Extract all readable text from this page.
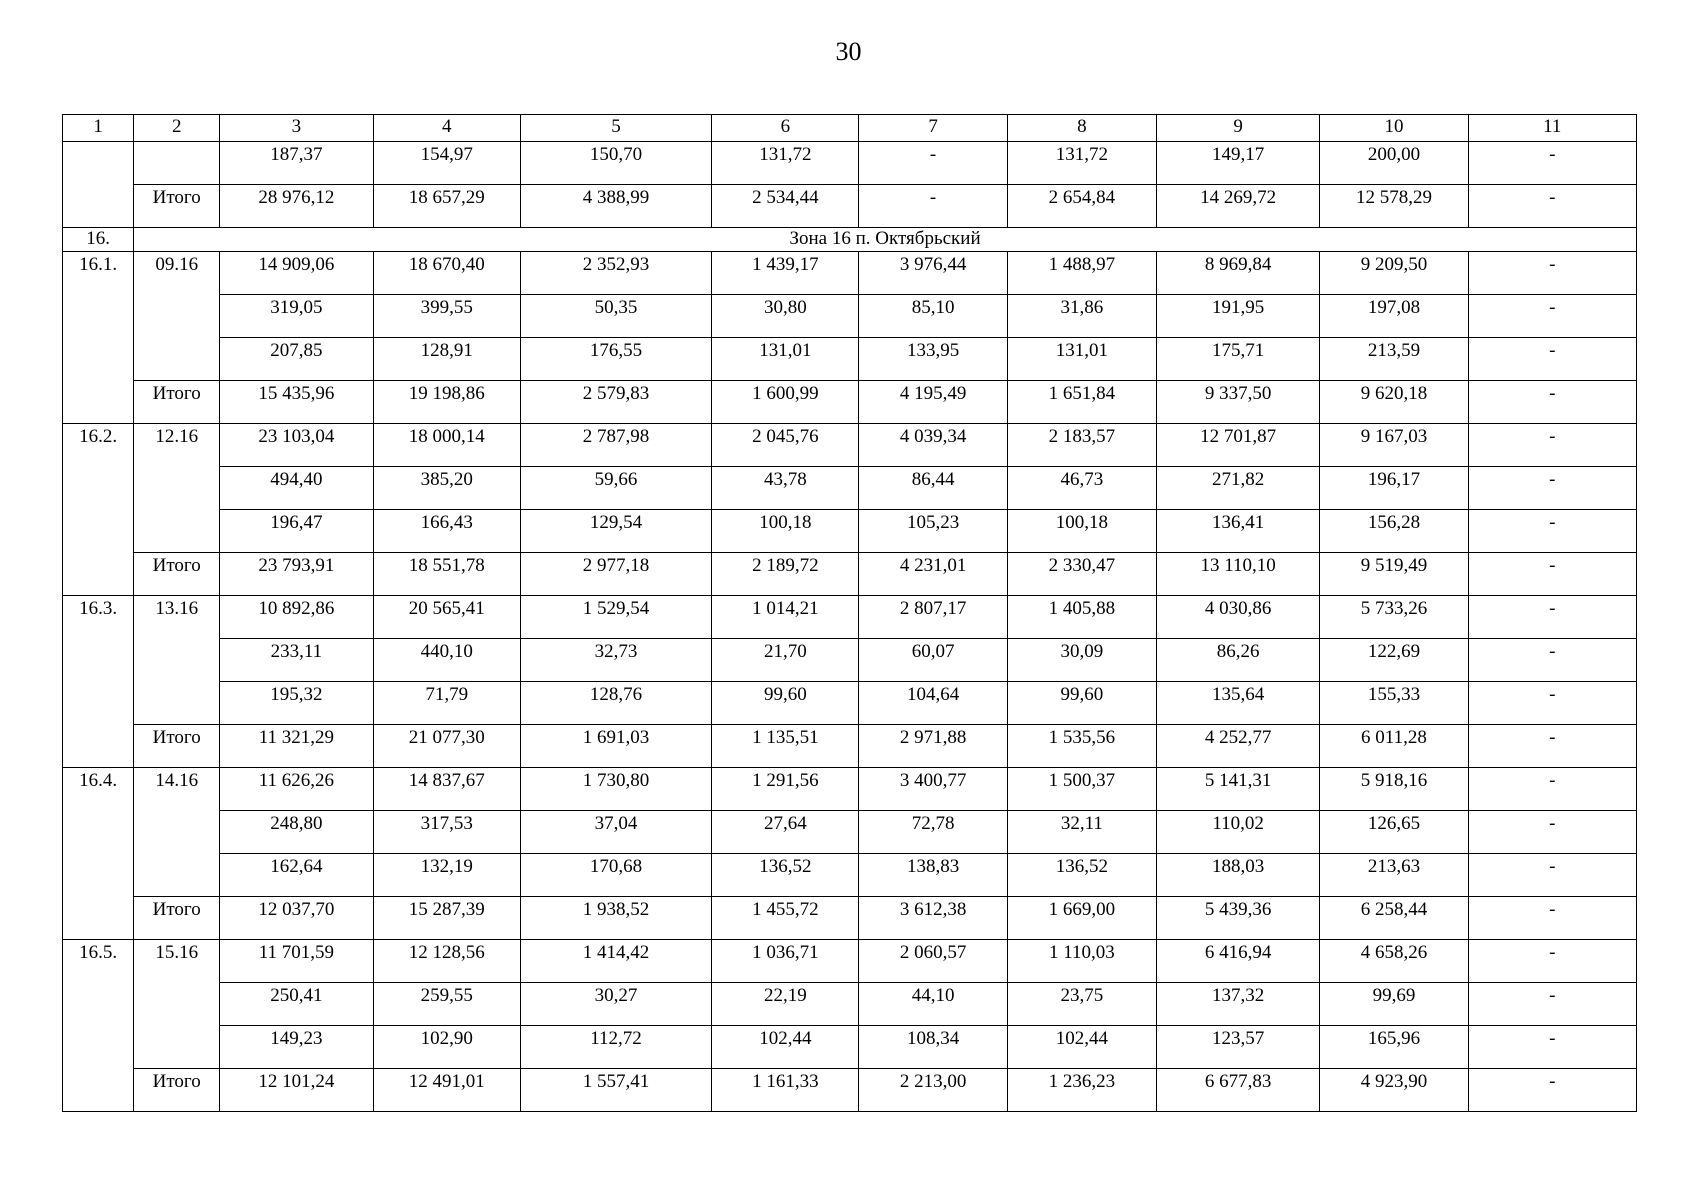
30
1	2	3	4	5	6	7	8	9	10	11
		187,37	154,97	150,70	131,72	-	131,72	149,17	200,00	-
	Итого	28 976,12	18 657,29	4 388,99	2 534,44	-	2 654,84	14 269,72	12 578,29	-
16.	Зона 16 п. Октябрьский									
16.1.	09.16	14 909,06	18 670,40	2 352,93	1 439,17	3 976,44	1 488,97	8 969,84	9 209,50	-
		319,05	399,55	50,35	30,80	85,10	31,86	191,95	197,08	-
		207,85	128,91	176,55	131,01	133,95	131,01	175,71	213,59	-
	Итого	15 435,96	19 198,86	2 579,83	1 600,99	4 195,49	1 651,84	9 337,50	9 620,18	-
16.2.	12.16	23 103,04	18 000,14	2 787,98	2 045,76	4 039,34	2 183,57	12 701,87	9 167,03	-
		494,40	385,20	59,66	43,78	86,44	46,73	271,82	196,17	-
		196,47	166,43	129,54	100,18	105,23	100,18	136,41	156,28	-
	Итого	23 793,91	18 551,78	2 977,18	2 189,72	4 231,01	2 330,47	13 110,10	9 519,49	-
16.3.	13.16	10 892,86	20 565,41	1 529,54	1 014,21	2 807,17	1 405,88	4 030,86	5 733,26	-
		233,11	440,10	32,73	21,70	60,07	30,09	86,26	122,69	-
		195,32	71,79	128,76	99,60	104,64	99,60	135,64	155,33	-
	Итого	11 321,29	21 077,30	1 691,03	1 135,51	2 971,88	1 535,56	4 252,77	6 011,28	-
16.4.	14.16	11 626,26	14 837,67	1 730,80	1 291,56	3 400,77	1 500,37	5 141,31	5 918,16	-
		248,80	317,53	37,04	27,64	72,78	32,11	110,02	126,65	-
		162,64	132,19	170,68	136,52	138,83	136,52	188,03	213,63	-
	Итого	12 037,70	15 287,39	1 938,52	1 455,72	3 612,38	1 669,00	5 439,36	6 258,44	-
16.5.	15.16	11 701,59	12 128,56	1 414,42	1 036,71	2 060,57	1 110,03	6 416,94	4 658,26	-
		250,41	259,55	30,27	22,19	44,10	23,75	137,32	99,69	-
		149,23	102,90	112,72	102,44	108,34	102,44	123,57	165,96	-
	Итого	12 101,24	12 491,01	1 557,41	1 161,33	2 213,00	1 236,23	6 677,83	4 923,90	-
